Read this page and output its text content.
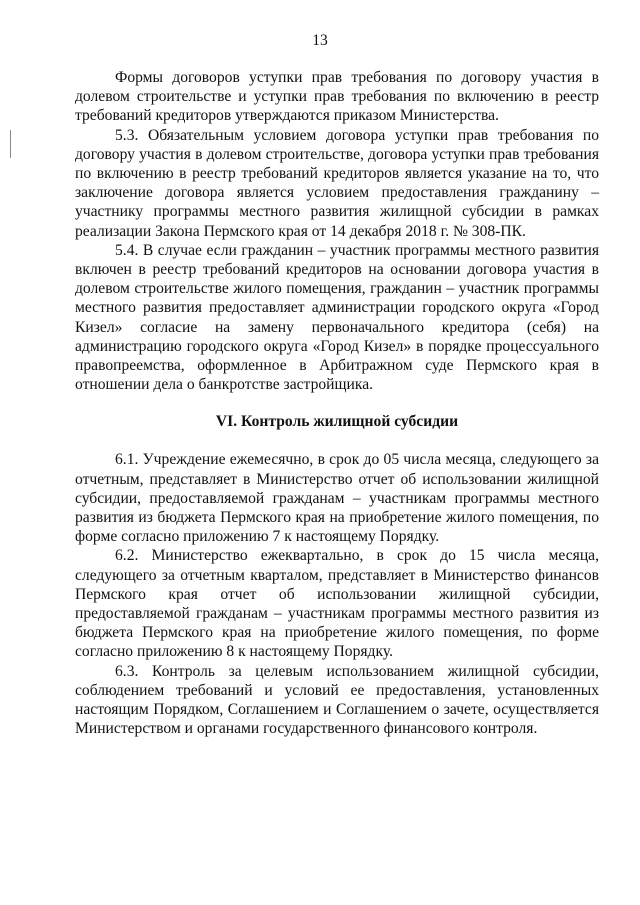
13

Формы договоров уступки прав требования по договору участия в долевом строительстве и уступки прав требования по включению в реестр требований кредиторов утверждаются приказом Министерства.

5.3. Обязательным условием договора уступки прав требования по договору участия в долевом строительстве, договора уступки прав требования по включению в реестр требований кредиторов является указание на то, что заключение договора является условием предоставления гражданину – участнику программы местного развития жилищной субсидии в рамках реализации Закона Пермского края от 14 декабря 2018 г. № 308-ПК.

5.4. В случае если гражданин – участник программы местного развития включен в реестр требований кредиторов на основании договора участия в долевом строительстве жилого помещения, гражданин – участник программы местного развития предоставляет администрации городского округа «Город Кизел» согласие на замену первоначального кредитора (себя) на администрацию городского округа «Город Кизел» в порядке процессуального правопреемства, оформленное в Арбитражном суде Пермского края в отношении дела о банкротстве застройщика.

VI. Контроль жилищной субсидии

6.1. Учреждение ежемесячно, в срок до 05 числа месяца, следующего за отчетным, представляет в Министерство отчет об использовании жилищной субсидии, предоставляемой гражданам – участникам программы местного развития из бюджета Пермского края на приобретение жилого помещения, по форме согласно приложению 7 к настоящему Порядку.

6.2. Министерство ежеквартально, в срок до 15 числа месяца, следующего за отчетным кварталом, представляет в Министерство финансов Пермского края отчет об использовании жилищной субсидии, предоставляемой гражданам – участникам программы местного развития из бюджета Пермского края на приобретение жилого помещения, по форме согласно приложению 8 к настоящему Порядку.

6.3. Контроль за целевым использованием жилищной субсидии, соблюдением требований и условий ее предоставления, установленных настоящим Порядком, Соглашением и Соглашением о зачете, осуществляется Министерством и органами государственного финансового контроля.
